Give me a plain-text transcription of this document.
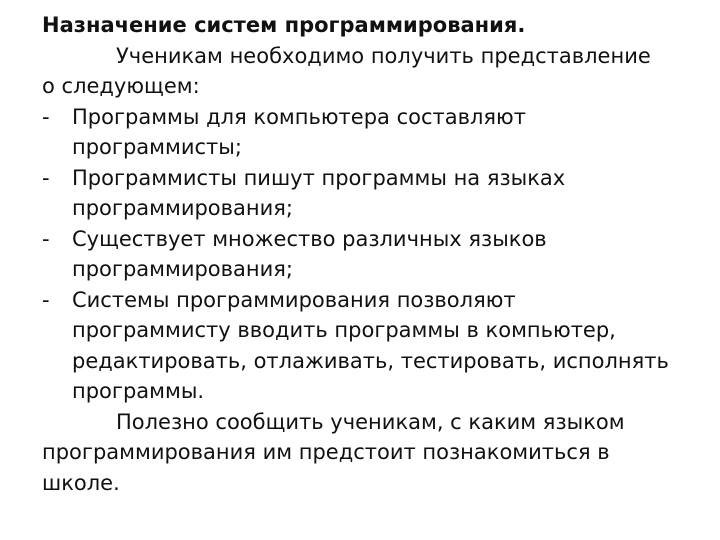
Назначение систем программирования.
Ученикам необходимо получить представление
о следующем:
- Программы для компьютера составляют
программисты;
- Программисты пишут программы на языках
программирования;
- Существует множество различных языков
программирования;
- Системы программирования позволяют
программисту вводить программы в компьютер,
редактировать, отлаживать, тестировать, исполнять
программы.
Полезно сообщить ученикам, с каким языком
программирования им предстоит познакомиться в
школе.
